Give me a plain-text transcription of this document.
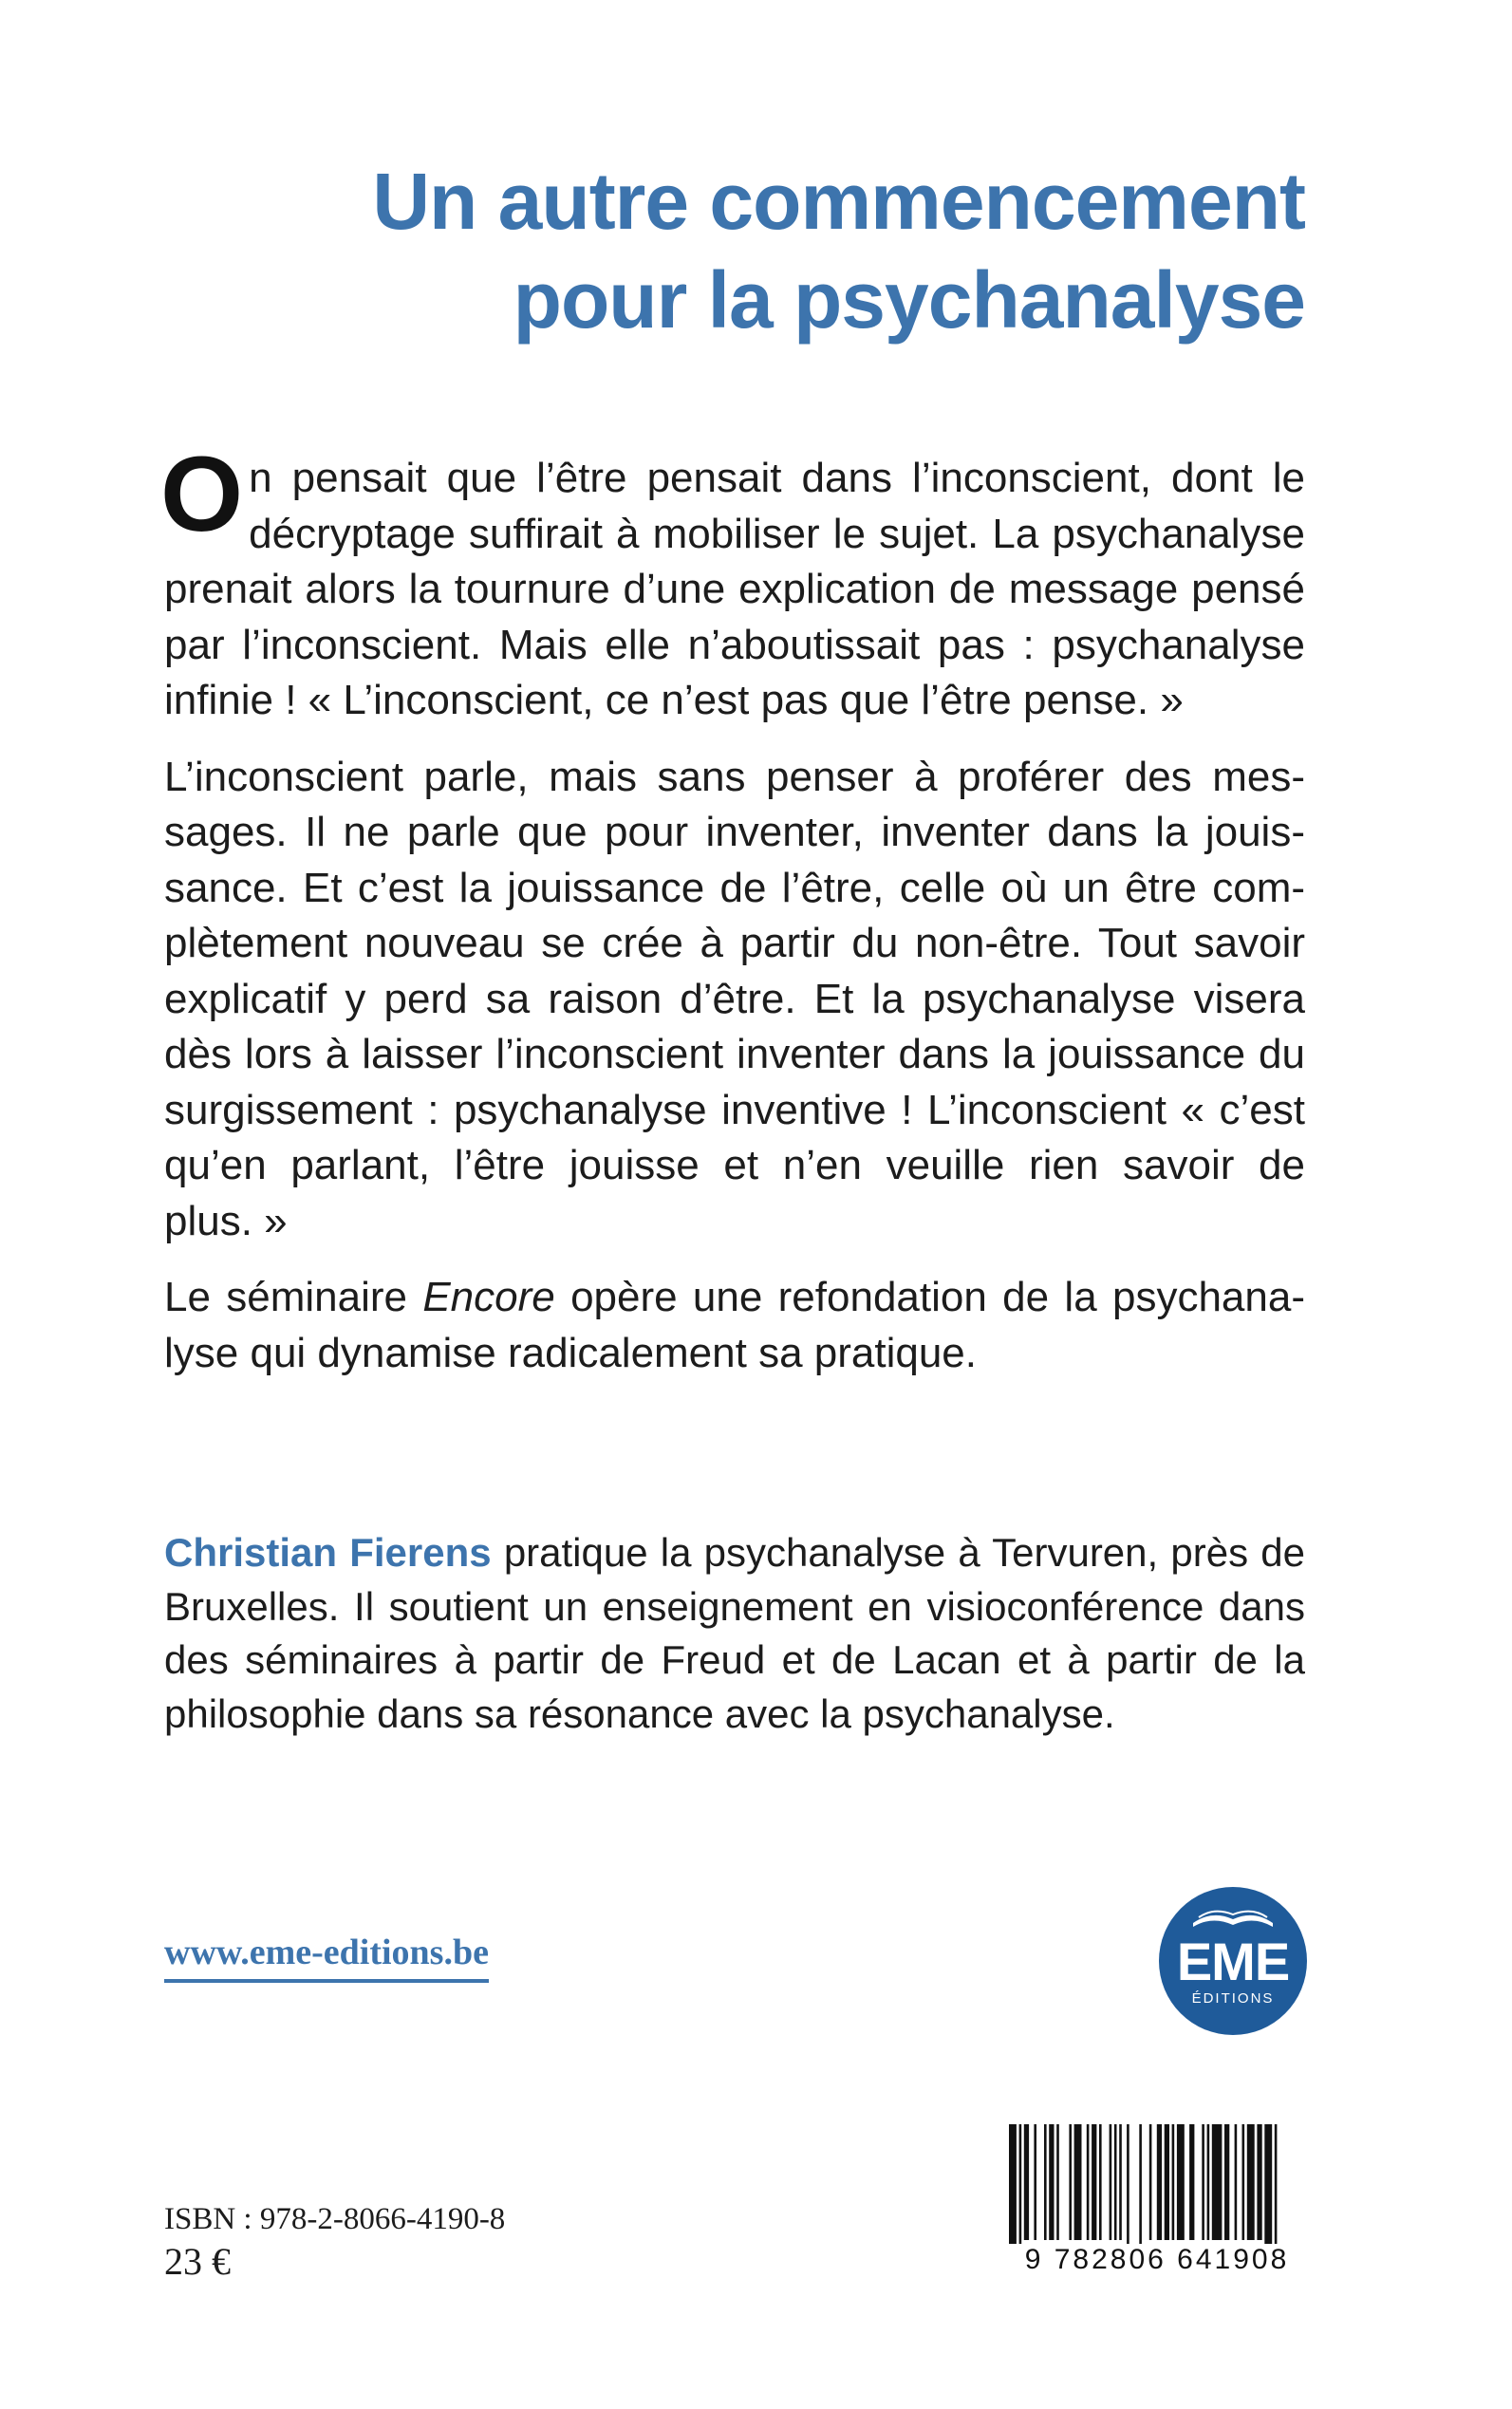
Un autre commencement
pour la psychanalyse

On pensait que l’être pensait dans l’inconscient, dont le décryptage suffirait à mobiliser le sujet. La psychanalyse prenait alors la tournure d’une explication de message pensé par l’inconscient. Mais elle n’aboutissait pas : psychanalyse infinie ! « L’inconscient, ce n’est pas que l’être pense. »

L’inconscient parle, mais sans penser à proférer des messages. Il ne parle que pour inventer, inventer dans la jouissance. Et c’est la jouissance de l’être, celle où un être complètement nouveau se crée à partir du non-être. Tout savoir explicatif y perd sa raison d’être. Et la psychanalyse visera dès lors à laisser l’inconscient inventer dans la jouissance du surgissement : psychanalyse inventive ! L’inconscient « c’est qu’en parlant, l’être jouisse et n’en veuille rien savoir de plus. »

Le séminaire Encore opère une refondation de la psychanalyse qui dynamise radicalement sa pratique.

Christian Fierens pratique la psychanalyse à Tervuren, près de Bruxelles. Il soutient un enseignement en visioconférence dans des séminaires à partir de Freud et de Lacan et à partir de la philosophie dans sa résonance avec la psychanalyse.

www.eme-editions.be	EME
ÉDITIONS
ISBN : 978-2-8066-4190-8
23 €	9 782806 641908
